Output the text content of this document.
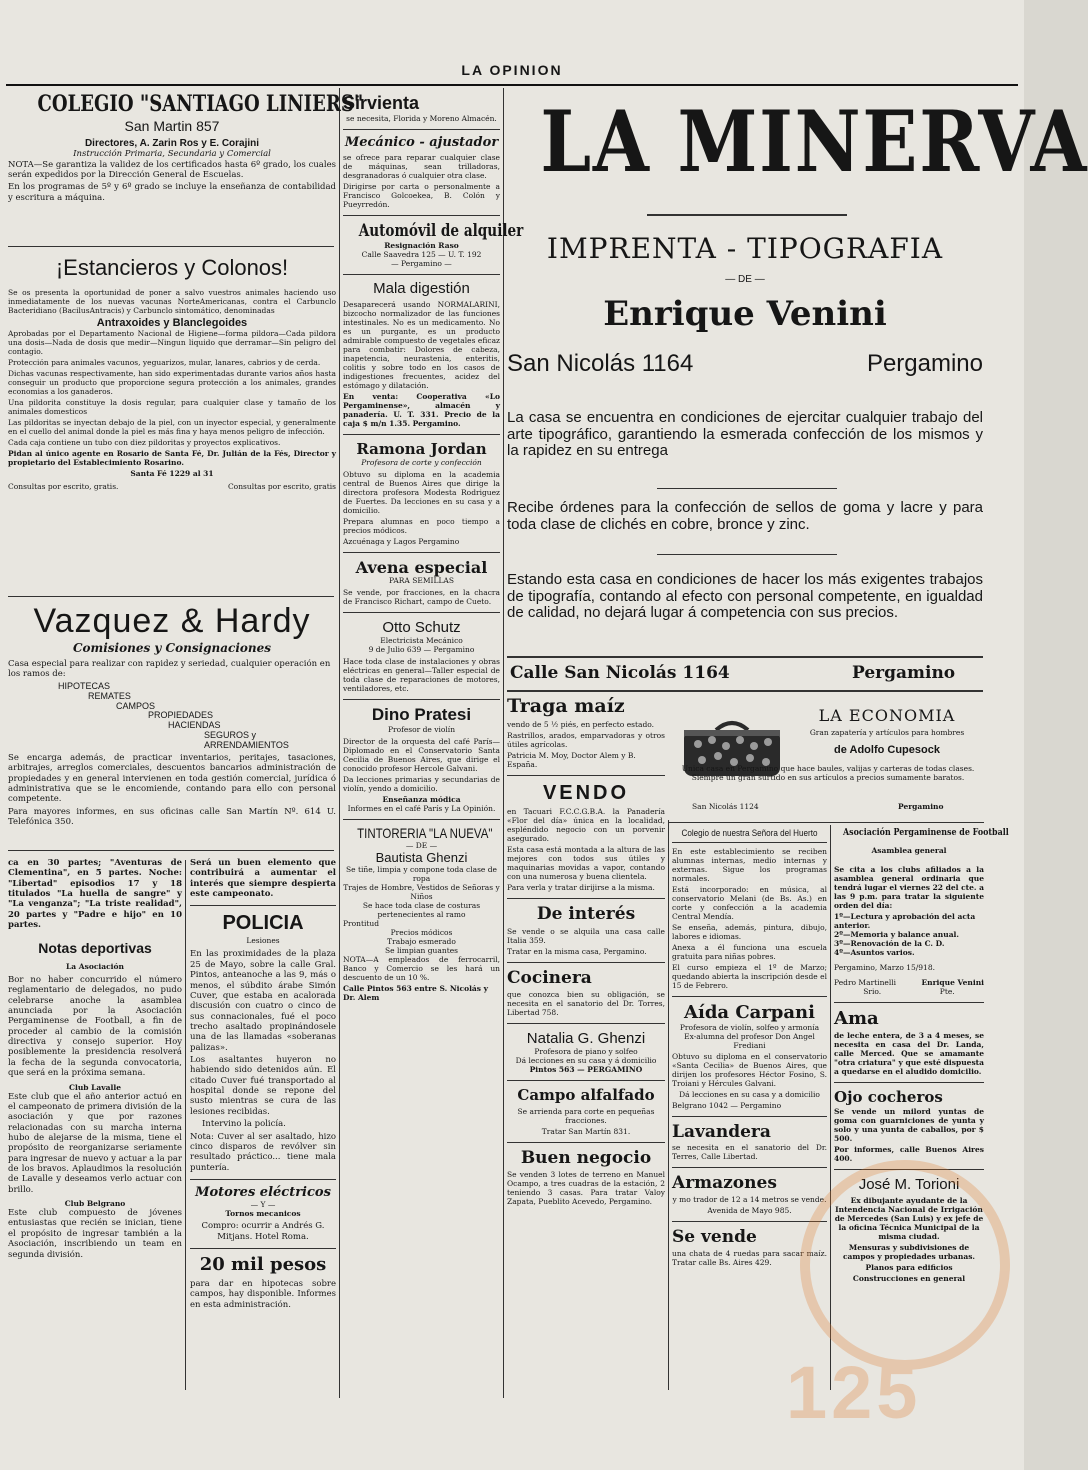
LA OPINION
COLEGIO "SANTIAGO LINIERS"
San Martin 857
Directores, A. Zarin Ros y E. Corajini
Instrucción Primaria, Secundaria y Comercial

NOTA—Se garantiza la validez de los certificados hasta 6º grado, los cuales serán expedidos por la Dirección General de Escuelas.

En los programas de 5º y 6º grado se incluye la enseñanza de contabilidad y escritura a máquina.

¡Estancieros y Colonos!

Se os presenta la oportunidad de poner a salvo vuestros animales haciendo uso inmediatamente de los nuevas vacunas NorteAmericanas, contra el Carbunclo Bacteridiano (BacilusAntracis) y Carbunclo sintomático, denominadas

Antraxoides y Blanclegoides

Aprobadas por el Departamento Nacional de Higiene—forma pildora—Cada pildora una dosis—Nada de dosis que medir—Ningun liquido que derramar—Sin peligro del contagio.

Protección para animales vacunos, yeguarizos, mular, lanares, cabrios y de cerda.

Dichas vacunas respectivamente, han sido experimentadas durante varios años hasta conseguir un producto que proporcione segura protección a los animales, grandes economias a los ganaderos.

Una pildorita constituye la dosis regular, para cualquier clase y tamaño de los animales domesticos

Las pildoritas se inyectan debajo de la piel, con un inyector especial, y generalmente en el cuello del animal donde la piel es más fina y haya menos peligro de infección.

Cada caja contiene un tubo con diez pildoritas y proyectos explicativos.

Pidan al único agente en Rosario de Santa Fé, Dr. Julián de la Fés, Director y propietario del Establecimiento Rosarino.

Santa Fé 1229 al 31
Consultas por escrito, gratis.	Consultas por escrito, gratis
Vazquez & Hardy
Comisiones y Consignaciones

Casa especial para realizar con rapidez y seriedad, cualquier operación en los ramos de:

HIPOTECAS
REMATES
CAMPOS
PROPIEDADES
HACIENDAS
SEGUROS y
ARRENDAMIENTOS

Se encarga además, de practicar inventarios, peritajes, tasaciones, arbitrajes, arreglos comerciales, descuentos bancarios administración de propiedades y en general intervienen en toda gestión comercial, jurídica ó administrativa que se le encomiende, contando para ello con personal competente.

Para mayores informes, en sus oficinas calle San Martín Nº. 614 U. Telefónica 350.

ca en 30 partes; "Aventuras de Clementina", en 5 partes. Noche: "Libertad" episodios 17 y 18 titulados "La huella de sangre" y "La venganza"; "La triste realidad", 20 partes y "Padre e hijo" en 10 partes.

Notas deportivas
La Asociación

Bor no haber concurrido el número reglamentario de delegados, no pudo celebrarse anoche la asamblea anunciada por la Asociación Pergaminense de Football, a fin de proceder al cambio de la comisión directiva y consejo superior. Hoy posiblemente la presidencia resolverá la fecha de la segunda convocatoria, que será en la próxima semana.

Club Lavalle

Este club que el año anterior actuó en el campeonato de primera división de la asociación y que por razones relacionadas con su marcha interna hubo de alejarse de la misma, tiene el propósito de reorganizarse seriamente para ingresar de nuevo y actuar a la par de los bravos. Aplaudimos la resolución de Lavalle y deseamos verlo actuar con brillo.

Club Belgrano

Este club compuesto de jóvenes entusiastas que recién se inician, tiene el propósito de ingresar también a la Asociación, inscribiendo un team en segunda división.

Será un buen elemento que contribuirá a aumentar el interés que siempre despierta este campeonato.

POLICIA
Lesiones

En las proximidades de la plaza 25 de Mayo, sobre la calle Gral. Pintos, anteanoche a las 9, más o menos, el súbdito árabe Simón Cuver, que estaba en acalorada discusión con cuatro o cinco de sus connacionales, fué el poco trecho asaltado propinándosele una de las llamadas «soberanas palizas».

Los asaltantes huyeron no habiendo sido detenidos aún. El citado Cuver fué transportado al hospital donde se repone del susto mientras se cura de las lesiones recibidas.

Intervino la policía.

Nota: Cuver al ser asaltado, hizo cinco disparos de revólver sin resultado práctico... tiene mala puntería.

Motores eléctricos
— Y —
Tornos mecanicos

Compro: ocurrir a Andrés G. Mitjans. Hotel Roma.

20 mil pesos

para dar en hipotecas sobre campos, hay disponible. Informes en esta administración.

Sirvienta

se necesita, Florida y Moreno Almacén.

Mecánico - ajustador

se ofrece para reparar cualquier clase de máquinas, sean trilladoras, desgranadoras ó cualquier otra clase.

Dirigirse por carta o personalmente a Francisco Golcoekea, B. Colón y Pueyrredón.

Automóvil de alquiler
Resignación Raso
Calle Saavedra 125 — U. T. 192
— Pergamino —
Mala digestión

Desaparecerá usando NORMALARINI, bizcocho normalizador de las funciones intestinales. No es un medicamento. No es un purgante, es un producto admirable compuesto de vegetales eficaz para combatir: Dolores de cabeza, inapetencia, neurastenia, enteritis, colitis y sobre todo en los casos de indigestiones frecuentes, acidez del estómago y dilatación.

En venta: Cooperativa «Lo Pergaminense», almacén y panadería. U. T. 331. Precio de la caja $ m/n 1.35. Pergamino.

Ramona Jordan
Profesora de corte y confección

Obtuvo su diploma en la academia central de Buenos Aires que dirige la directora profesora Modesta Rodriguez de Fuertes. Da lecciones en su casa y a domicilio.

Prepara alumnas en poco tiempo a precios módicos.

Azcuénaga y Lagos Pergamino

Avena especial
PARA SEMILLAS

Se vende, por fracciones, en la chacra de Francisco Richart, campo de Cueto.

Otto Schutz
Electricista Mecánico
9 de Julio 639 — Pergamino

Hace toda clase de instalaciones y obras eléctricas en general—Taller especial de toda clase de reparaciones de motores, ventiladores, etc.

Dino Pratesi
Profesor de violín

Director de la orquesta del café París—Diplomado en el Conservatorio Santa Cecilia de Buenos Aires, que dirige el conocido profesor Hercole Galvani.

Da lecciones primarias y secundarias de violín, yendo a domicilio.

Enseñanza módica

Informes en el café París y La Opinión.

TINTORERIA "LA NUEVA"
— DE —
Bautista Ghenzi
Se tiñe, limpia y compone toda clase de ropa
Trajes de Hombre, Vestidos de Señoras y Niños
Se hace toda clase de costuras pertenecientes al ramo
Prontitud
Precios módicos
Trabajo esmerado
Se limpian guantes

NOTA—A empleados de ferrocarril, Banco y Comercio se les hará un descuento de un 10 %.

Calle Pintos 563 entre S. Nicolás y Dr. Alem
LA MINERVA
IMPRENTA - TIPOGRAFIA
— DE —
Enrique Venini
San Nicolás 1164	Pergamino

La casa se encuentra en condiciones de ejercitar cualquier trabajo del arte tipográfico, garantiendo la esmerada confección de los mismos y la rapidez en su entrega

Recibe órdenes para la confección de sellos de goma y lacre y para toda clase de clichés en cobre, bronce y zinc.

Estando esta casa en condiciones de hacer los más exigentes trabajos de tipografía, contando al efecto con personal competente, en igualdad de calidad, no dejará lugar á competencia con sus precios.

Calle San Nicolás 1164	Pergamino
Traga maíz

vendo de 5 ½ piés, en perfecto estado.

Rastrillos, arados, emparvadoras y otros útiles agrícolas.

Patricia M. Moy, Doctor Alem y B. España.

VENDO

en Tacuari F.C.C.G.B.A. la Panadería «Flor del día» única en la localidad, espléndido negocio con un porvenir asegurado.

Esta casa está montada a la altura de las mejores con todos sus útiles y maquinarias movidas a vapor, contando con una numerosa y buena clientela.

Para verla y tratar dirijirse a la misma.

De interés

Se vende o se alquila una casa calle Italia 359.

Tratar en la misma casa, Pergamino.

Cocinera

que conozca bien su obligación, se necesita en el sanatorio del Dr. Torres, Libertad 758.

Natalia G. Ghenzi
Profesora de piano y solfeo
Dá lecciones en su casa y á domicilio
Pintos 563 — PERGAMINO
Campo alfalfado

Se arrienda para corte en pequeñas fracciones.

Tratar San Martín 831.

Buen negocio

Se venden 3 lotes de terreno en Manuel Ocampo, a tres cuadras de la estación, 2 teniendo 3 casas. Para tratar Valoy Zapata, Pueblito Acevedo, Pergamino.

LA ECONOMIA
Gran zapatería y artículos para hombres
de Adolfo Cupesock

Unica casa en Pergamino que hace baules, valijas y carteras de todas clases. Siempre un gran surtido en sus artículos a precios sumamente baratos.

San Nicolás 1124	Pergamino
Colegio de nuestra Señora del Huerto

En este establecimiento se reciben alumnas internas, medio internas y externas. Sigue los programas normales.

Está incorporado: en música, al conservatorio Melani (de Bs. As.) en corte y confección a la academia Central Mendía.

Se enseña, además, pintura, dibujo, labores e idiomas.

Anexa a él funciona una escuela gratuita para niñas pobres.

El curso empieza el 1º de Marzo; quedando abierta la inscripción desde el 15 de Febrero.

Aída Carpani
Profesora de violín, solfeo y armonía

Ex-alumna del profesor Don Angel Frediani

Obtuvo su diploma en el conservatorio «Santa Cecilia» de Buenos Aires, que dirijen los profesores Héctor Fosino, S. Troiani y Hércules Galvani.

Dá lecciones en su casa y a domicilio

Belgrano 1042 — Pergamino
Lavandera

se necesita en el sanatorio del Dr. Terres, Calle Libertad.

Armazones

y mo trador de 12 a 14 metros se vende.

Avenida de Mayo 985.

Se vende

una chata de 4 ruedas para sacar maíz. Tratar calle Bs. Aires 429.

Asociación Pergaminense de Football
Asamblea general

Se cita a los clubs afiliados a la asamblea general ordinaria que tendrá lugar el viernes 22 del cte. a las 9 p.m. para tratar la siguiente orden del día:

1º—Lectura y aprobación del acta anterior.
2º—Memoria y balance anual.
3º—Renovación de la C. D.
4º—Asuntos varios.
Pergamino, Marzo 15/918.
Pedro Martinelli	Enrique Venini
Srio.	Pte.
Ama

de leche entera, de 3 a 4 meses, se necesita en casa del Dr. Landa, calle Merced. Que se amamante "otra criatura" y que esté dispuesta a quedarse en el aludido domicilio.

Ojo cocheros

Se vende un milord yuntas de goma con guarniciones de yunta y solo y una yunta de caballos, por $ 500.

Por informes, calle Buenos Aires 400.

José M. Torioni

Ex dibujante ayudante de la Intendencia Nacional de Irrigación de Mercedes (San Luis) y ex jefe de la oficina Técnica Municipal de la misma ciudad.

Mensuras y subdivisiones de campos y propiedades urbanas.

Planos para edificios

Construcciones en general

125
